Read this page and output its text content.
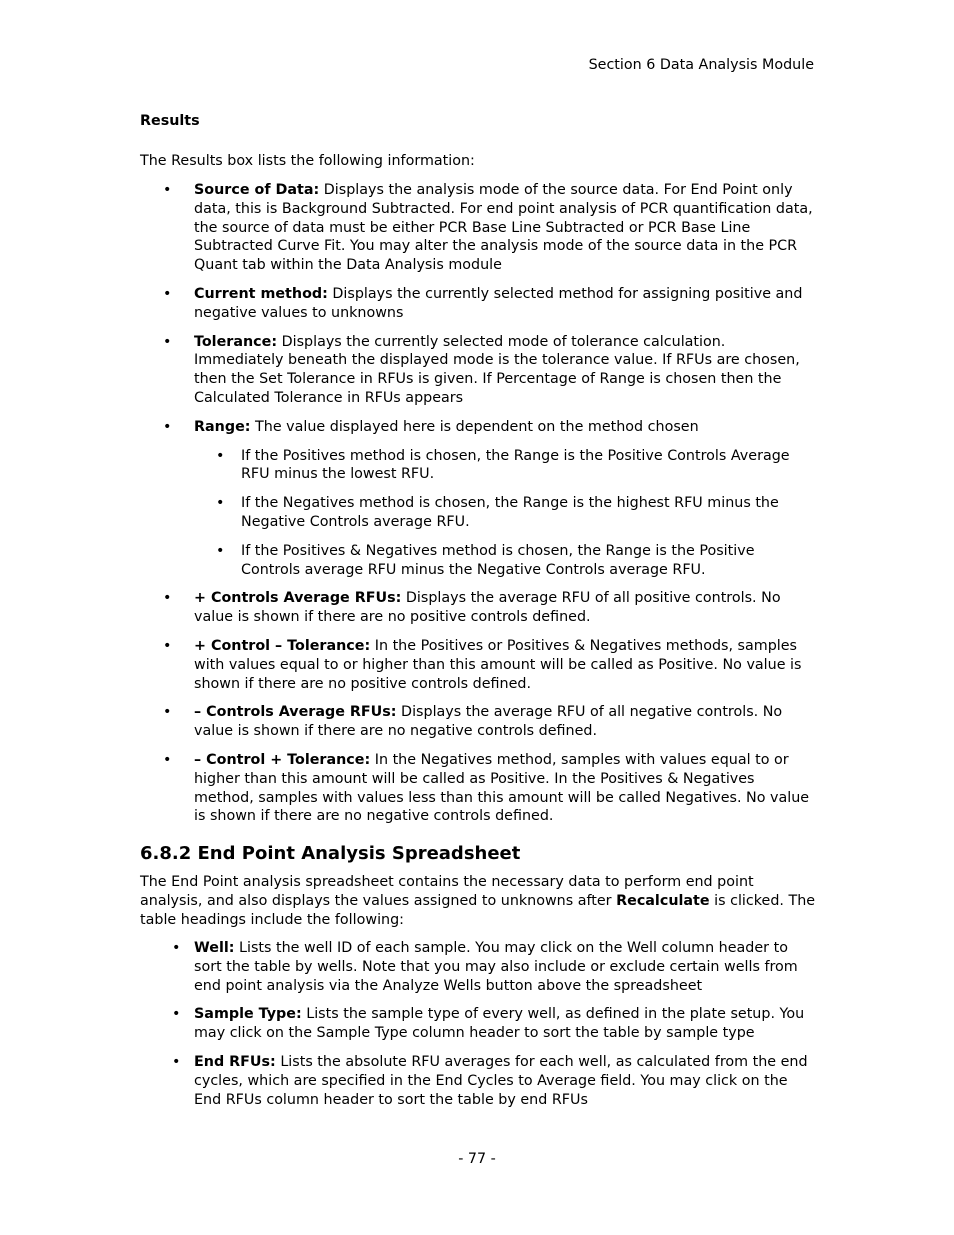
Section 6 Data Analysis Module

Results

The Results box lists the following information:

• Source of Data: Displays the analysis mode of the source data. For End Point only data, this is Background Subtracted. For end point analysis of PCR quantification data, the source of data must be either PCR Base Line Subtracted or PCR Base Line Subtracted Curve Fit. You may alter the analysis mode of the source data in the PCR Quant tab within the Data Analysis module
• Current method: Displays the currently selected method for assigning positive and negative values to unknowns
• Tolerance: Displays the currently selected mode of tolerance calculation. Immediately beneath the displayed mode is the tolerance value. If RFUs are chosen, then the Set Tolerance in RFUs is given. If Percentage of Range is chosen then the Calculated Tolerance in RFUs appears
• Range: The value displayed here is dependent on the method chosen
• If the Positives method is chosen, the Range is the Positive Controls Average RFU minus the lowest RFU.
• If the Negatives method is chosen, the Range is the highest RFU minus the Negative Controls average RFU.
• If the Positives & Negatives method is chosen, the Range is the Positive Controls average RFU minus the Negative Controls average RFU.
• + Controls Average RFUs: Displays the average RFU of all positive controls. No value is shown if there are no positive controls defined.
• + Control – Tolerance: In the Positives or Positives & Negatives methods, samples with values equal to or higher than this amount will be called as Positive. No value is shown if there are no positive controls defined.
• – Controls Average RFUs: Displays the average RFU of all negative controls. No value is shown if there are no negative controls defined.
• – Control + Tolerance: In the Negatives method, samples with values equal to or higher than this amount will be called as Positive. In the Positives & Negatives method, samples with values less than this amount will be called Negatives. No value is shown if there are no negative controls defined.
6.8.2 End Point Analysis Spreadsheet

The End Point analysis spreadsheet contains the necessary data to perform end point analysis, and also displays the values assigned to unknowns after Recalculate is clicked. The table headings include the following:

• Well: Lists the well ID of each sample. You may click on the Well column header to sort the table by wells. Note that you may also include or exclude certain wells from end point analysis via the Analyze Wells button above the spreadsheet
• Sample Type: Lists the sample type of every well, as defined in the plate setup. You may click on the Sample Type column header to sort the table by sample type
• End RFUs: Lists the absolute RFU averages for each well, as calculated from the end cycles, which are specified in the End Cycles to Average field. You may click on the End RFUs column header to sort the table by end RFUs

- 77 -
